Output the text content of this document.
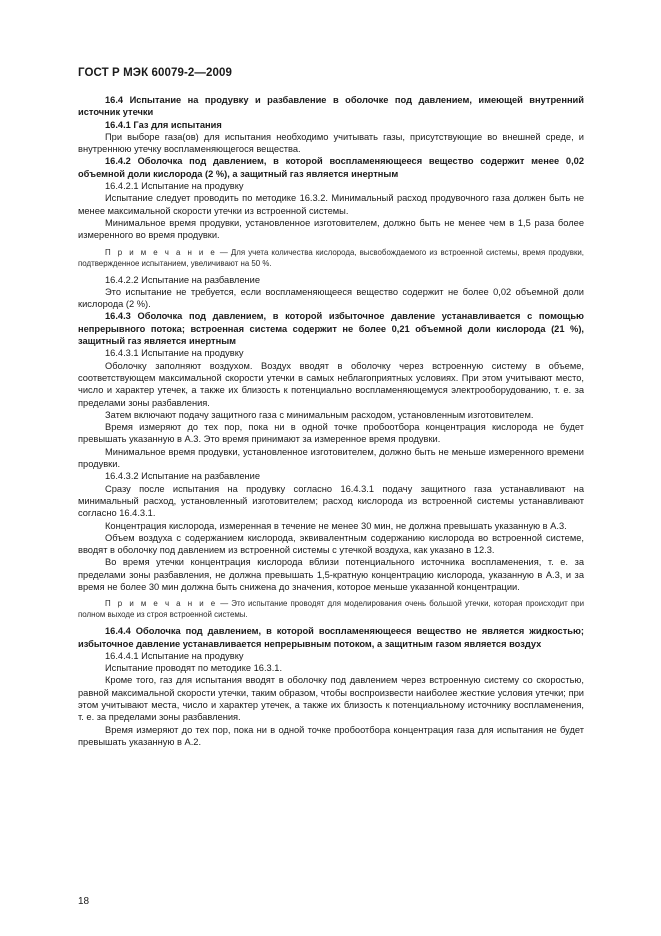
ГОСТ Р МЭК 60079-2—2009

16.4 Испытание на продувку и разбавление в оболочке под давлением, имеющей внутренний источник утечки

16.4.1 Газ для испытания

При выборе газа(ов) для испытания необходимо учитывать газы, присутствующие во внешней среде, и внутреннюю утечку воспламеняющегося вещества.

16.4.2 Оболочка под давлением, в которой воспламеняющееся вещество содержит менее 0,02 объемной доли кислорода (2 %), а защитный газ является инертным

16.4.2.1 Испытание на продувку

Испытание следует проводить по методике 16.3.2. Минимальный расход продувочного газа должен быть не менее максимальной скорости утечки из встроенной системы.

Минимальное время продувки, установленное изготовителем, должно быть не менее чем в 1,5 раза более измеренного во время продувки.

П р и м е ч а н и е — Для учета количества кислорода, высвобождаемого из встроенной системы, время продувки, подтвержденное испытанием, увеличивают на 50 %.

16.4.2.2 Испытание на разбавление

Это испытание не требуется, если воспламеняющееся вещество содержит не более 0,02 объемной доли кислорода (2 %).

16.4.3 Оболочка под давлением, в которой избыточное давление устанавливается с помощью непрерывного потока; встроенная система содержит не более 0,21 объемной доли кислорода (21 %), защитный газ является инертным

16.4.3.1 Испытание на продувку

Оболочку заполняют воздухом. Воздух вводят в оболочку через встроенную систему в объеме, соответствующем максимальной скорости утечки в самых неблагоприятных условиях. При этом учитывают место, число и характер утечек, а также их близость к потенциально воспламеняющемуся электрооборудованию, т. е. за пределами зоны разбавления.

Затем включают подачу защитного газа с минимальным расходом, установленным изготовителем.

Время измеряют до тех пор, пока ни в одной точке пробоотбора концентрация кислорода не будет превышать указанную в А.3. Это время принимают за измеренное время продувки.

Минимальное время продувки, установленное изготовителем, должно быть не меньше измеренного времени продувки.

16.4.3.2 Испытание на разбавление

Сразу после испытания на продувку согласно 16.4.3.1 подачу защитного газа устанавливают на минимальный расход, установленный изготовителем; расход кислорода из встроенной системы устанавливают согласно 16.4.3.1.

Концентрация кислорода, измеренная в течение не менее 30 мин, не должна превышать указанную в А.3.

Объем воздуха с содержанием кислорода, эквивалентным содержанию кислорода во встроенной системе, вводят в оболочку под давлением из встроенной системы с утечкой воздуха, как указано в 12.3.

Во время утечки концентрация кислорода вблизи потенциального источника воспламенения, т. е. за пределами зоны разбавления, не должна превышать 1,5-кратную концентрацию кислорода, указанную в А.3, и за время не более 30 мин должна быть снижена до значения, которое меньше указанной концентрации.

П р и м е ч а н и е — Это испытание проводят для моделирования очень большой утечки, которая происходит при полном выходе из строя встроенной системы.

16.4.4 Оболочка под давлением, в которой воспламеняющееся вещество не является жидкостью; избыточное давление устанавливается непрерывным потоком, а защитным газом является воздух

16.4.4.1 Испытание на продувку

Испытание проводят по методике 16.3.1.

Кроме того, газ для испытания вводят в оболочку под давлением через встроенную систему со скоростью, равной максимальной скорости утечки, таким образом, чтобы воспроизвести наиболее жесткие условия утечки; при этом учитывают места, число и характер утечек, а также их близость к потенциальному источнику воспламенения, т. е. за пределами зоны разбавления.

Время измеряют до тех пор, пока ни в одной точке пробоотбора концентрация газа для испытания не будет превышать указанную в А.2.

18
